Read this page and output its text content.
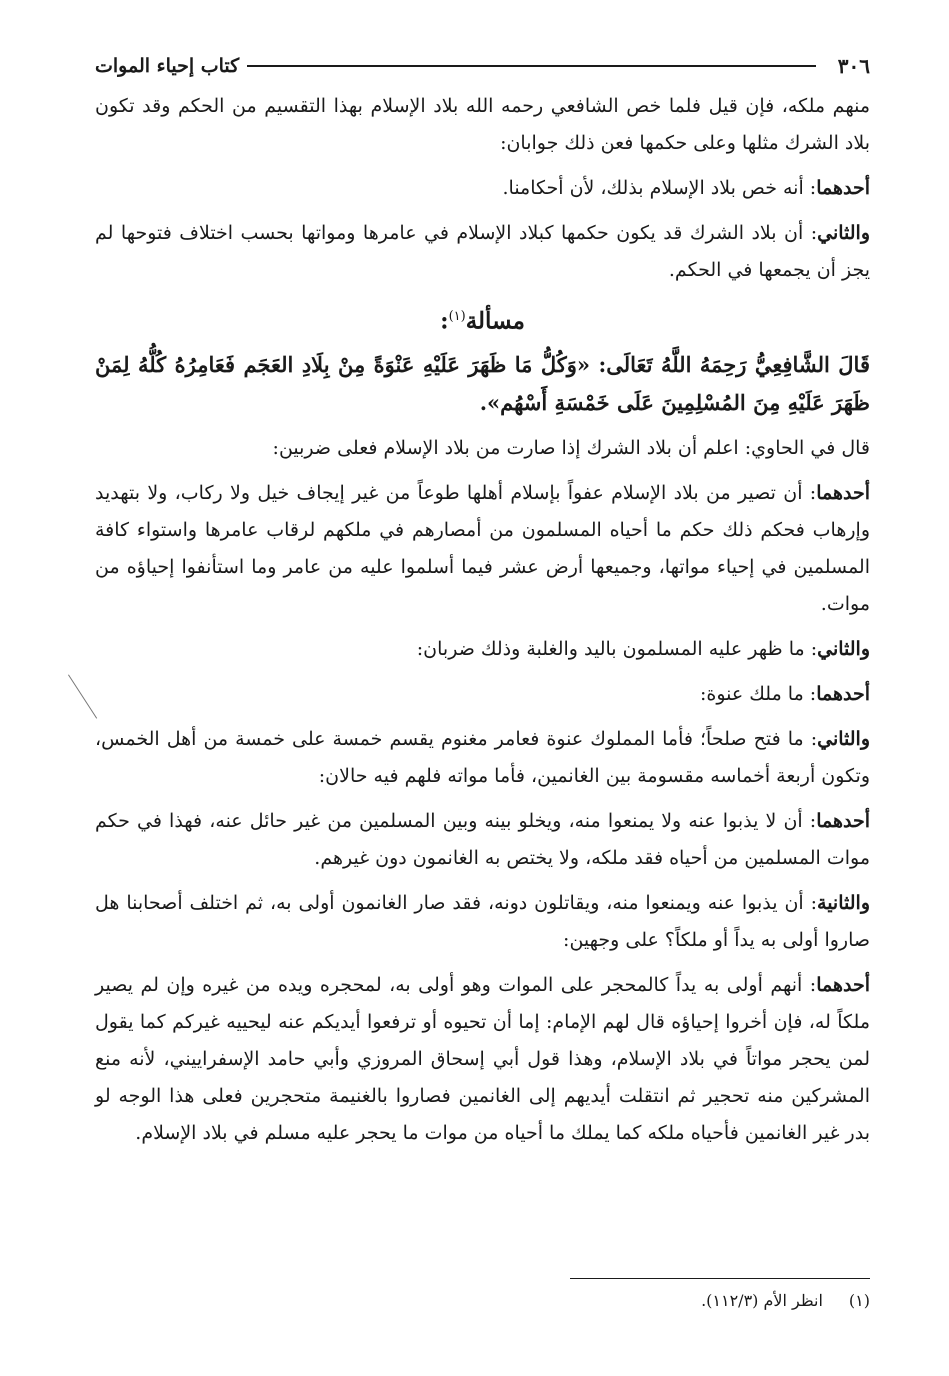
٣٠٦
كتاب إحياء الموات

منهم ملكه، فإن قيل فلما خص الشافعي رحمه الله بلاد الإسلام بهذا التقسيم من الحكم وقد تكون بلاد الشرك مثلها وعلى حكمها فعن ذلك جوابان:

أحدهما: أنه خص بلاد الإسلام بذلك، لأن أحكامنا.

والثاني: أن بلاد الشرك قد يكون حكمها كبلاد الإسلام في عامرها ومواتها بحسب اختلاف فتوحها لم يجز أن يجمعها في الحكم.

مسألة$^{(١)}$:

قَالَ الشَّافِعِيُّ رَحِمَهُ اللَّهُ تَعَالَى: «وَكُلُّ مَا ظَهَرَ عَلَيْهِ عَنْوَةً مِنْ بِلَادِ العَجَم فَعَامِرُهُ كُلُّهُ لِمَنْ ظَهَرَ عَلَيْهِ مِنَ المُسْلِمِينَ عَلَى خَمْسَةِ أَسْهُم».

قال في الحاوي: اعلم أن بلاد الشرك إذا صارت من بلاد الإسلام فعلى ضربين:

أحدهما: أن تصير من بلاد الإسلام عفواً بإسلام أهلها طوعاً من غير إيجاف خيل ولا ركاب، ولا بتهديد وإرهاب فحكم ذلك حكم ما أحياه المسلمون من أمصارهم في ملكهم لرقاب عامرها واستواء كافة المسلمين في إحياء مواتها، وجميعها أرض عشر فيما أسلموا عليه من عامر وما استأنفوا إحياؤه من موات.

والثاني: ما ظهر عليه المسلمون باليد والغلبة وذلك ضربان:

أحدهما: ما ملك عنوة:

والثاني: ما فتح صلحاً؛ فأما المملوك عنوة فعامر مغنوم يقسم خمسة على خمسة من أهل الخمس، وتكون أربعة أخماسه مقسومة بين الغانمين، فأما مواته فلهم فيه حالان:

أحدهما: أن لا يذبوا عنه ولا يمنعوا منه، ويخلو بينه وبين المسلمين من غير حائل عنه، فهذا في حكم موات المسلمين من أحياه فقد ملكه، ولا يختص به الغانمون دون غيرهم.

والثانية: أن يذبوا عنه ويمنعوا منه، ويقاتلون دونه، فقد صار الغانمون أولى به، ثم اختلف أصحابنا هل صاروا أولى به يداً أو ملكاً؟ على وجهين:

أحدهما: أنهم أولى به يداً كالمحجر على الموات وهو أولى به، لمحجره ويده من غيره وإن لم يصير ملكاً له، فإن أخروا إحياؤه قال لهم الإمام: إما أن تحيوه أو ترفعوا أيديكم عنه ليحييه غيركم كما يقول لمن يحجر مواتاً في بلاد الإسلام، وهذا قول أبي إسحاق المروزي وأبي حامد الإسفراييني، لأنه منع المشركين منه تحجير ثم انتقلت أيديهم إلى الغانمين فصاروا بالغنيمة متحجرين فعلى هذا الوجه لو بدر غير الغانمين فأحياه ملكه كما يملك ما أحياه من موات ما يحجر عليه مسلم في بلاد الإسلام.

(١)انظر الأم (١١٢/٣).
